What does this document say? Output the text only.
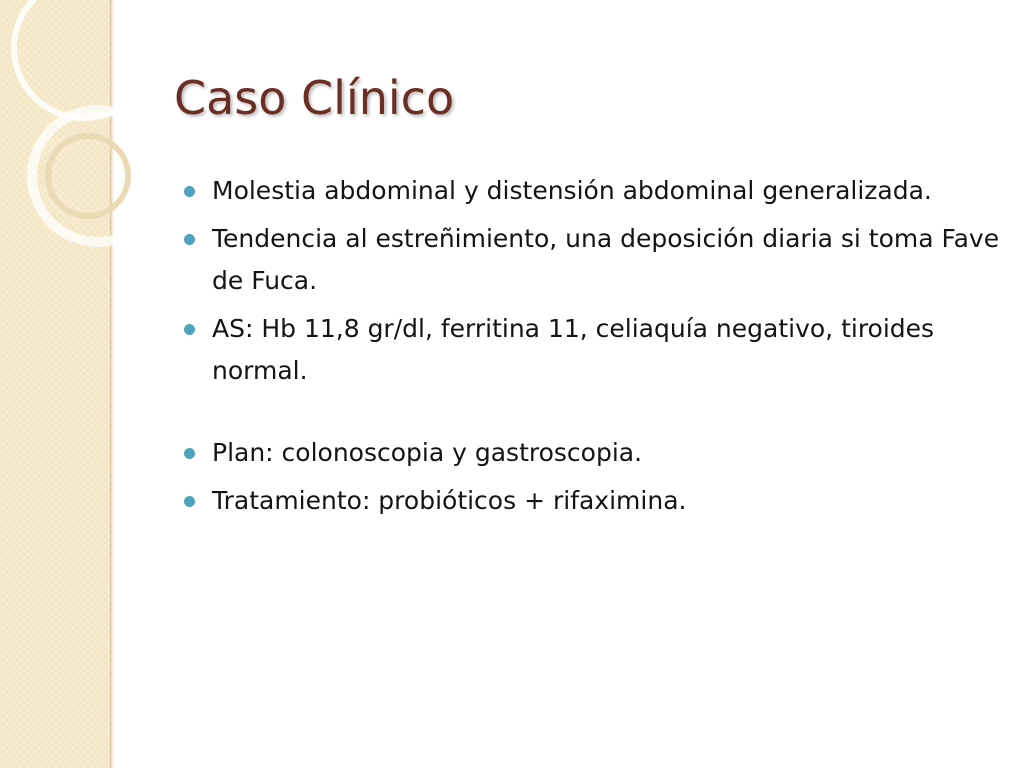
Caso Clínico
Molestia abdominal y distensión abdominal generalizada.
Tendencia al estreñimiento, una deposición diaria si toma Fave de Fuca.
AS: Hb 11,8 gr/dl, ferritina 11, celiaquía negativo, tiroides normal.
Plan: colonoscopia y gastroscopia.
Tratamiento: probióticos + rifaximina.
